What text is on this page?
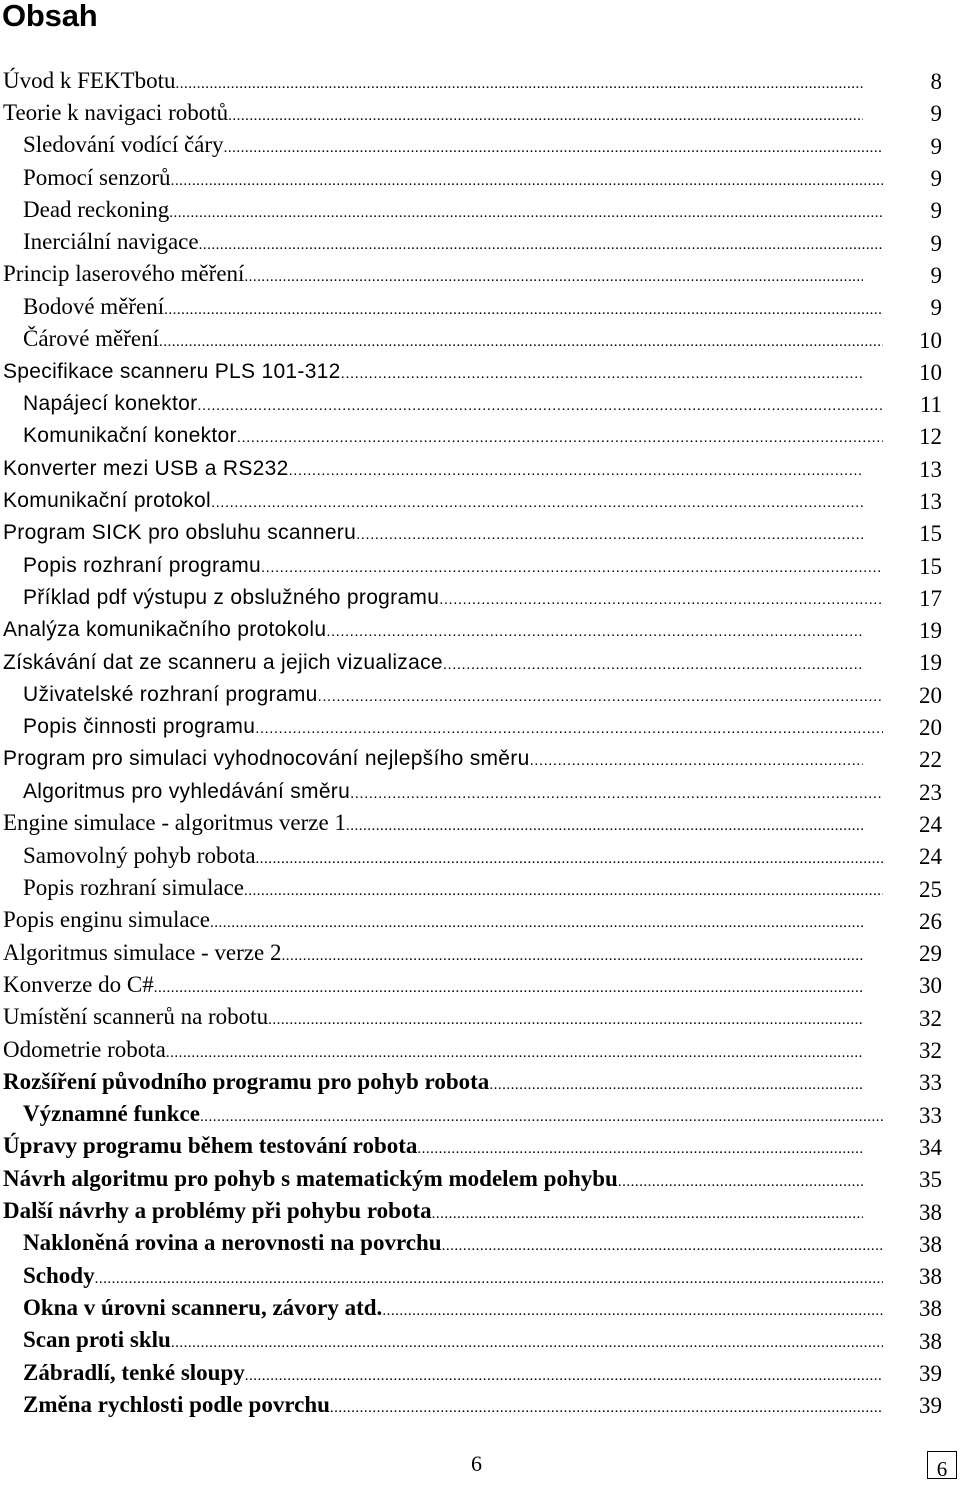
Obsah
Úvod k FEKTbotu .....	8
Teorie k navigaci robotů .....	9
Sledování vodící čáry .....	9
Pomocí senzorů .....	9
Dead reckoning .....	9
Inerciální navigace .....	9
Princip laserového měření .....	9
Bodové měření .....	9
Čárové měření .....	10
Specifikace scanneru PLS 101-312 .....	10
Napájecí konektor .....	11
Komunikační konektor .....	12
Konverter mezi USB a RS232 .....	13
Komunikační protokol .....	13
Program SICK pro obsluhu scanneru .....	15
Popis rozhraní programu .....	15
Příklad pdf výstupu z obslužného programu .....	17
Analýza komunikačního protokolu .....	19
Získávání dat ze scanneru a jejich vizualizace .....	19
Uživatelské rozhraní programu .....	20
Popis činnosti programu .....	20
Program pro simulaci vyhodnocování nejlepšího směru .....	22
Algoritmus pro vyhledávání směru .....	23
Engine simulace - algoritmus verze 1 .....	24
Samovolný pohyb robota .....	24
Popis rozhraní simulace .....	25
Popis enginu simulace .....	26
Algoritmus simulace - verze 2 .....	29
Konverze do C# .....	30
Umístění scannerů na robotu .....	32
Odometrie robota .....	32
Rozšíření původního programu pro pohyb robota .....	33
Významné funkce .....	33
Úpravy programu během testování robota .....	34
Návrh algoritmu pro pohyb s matematickým modelem pohybu .....	35
Další návrhy a problémy při pohybu robota .....	38
Nakloněná rovina a nerovnosti na povrchu .....	38
Schody .....	38
Okna v úrovni scanneru, závory atd. .....	38
Scan proti sklu .....	38
Zábradlí, tenké sloupy .....	39
Změna rychlosti podle povrchu .....	39
6	6
